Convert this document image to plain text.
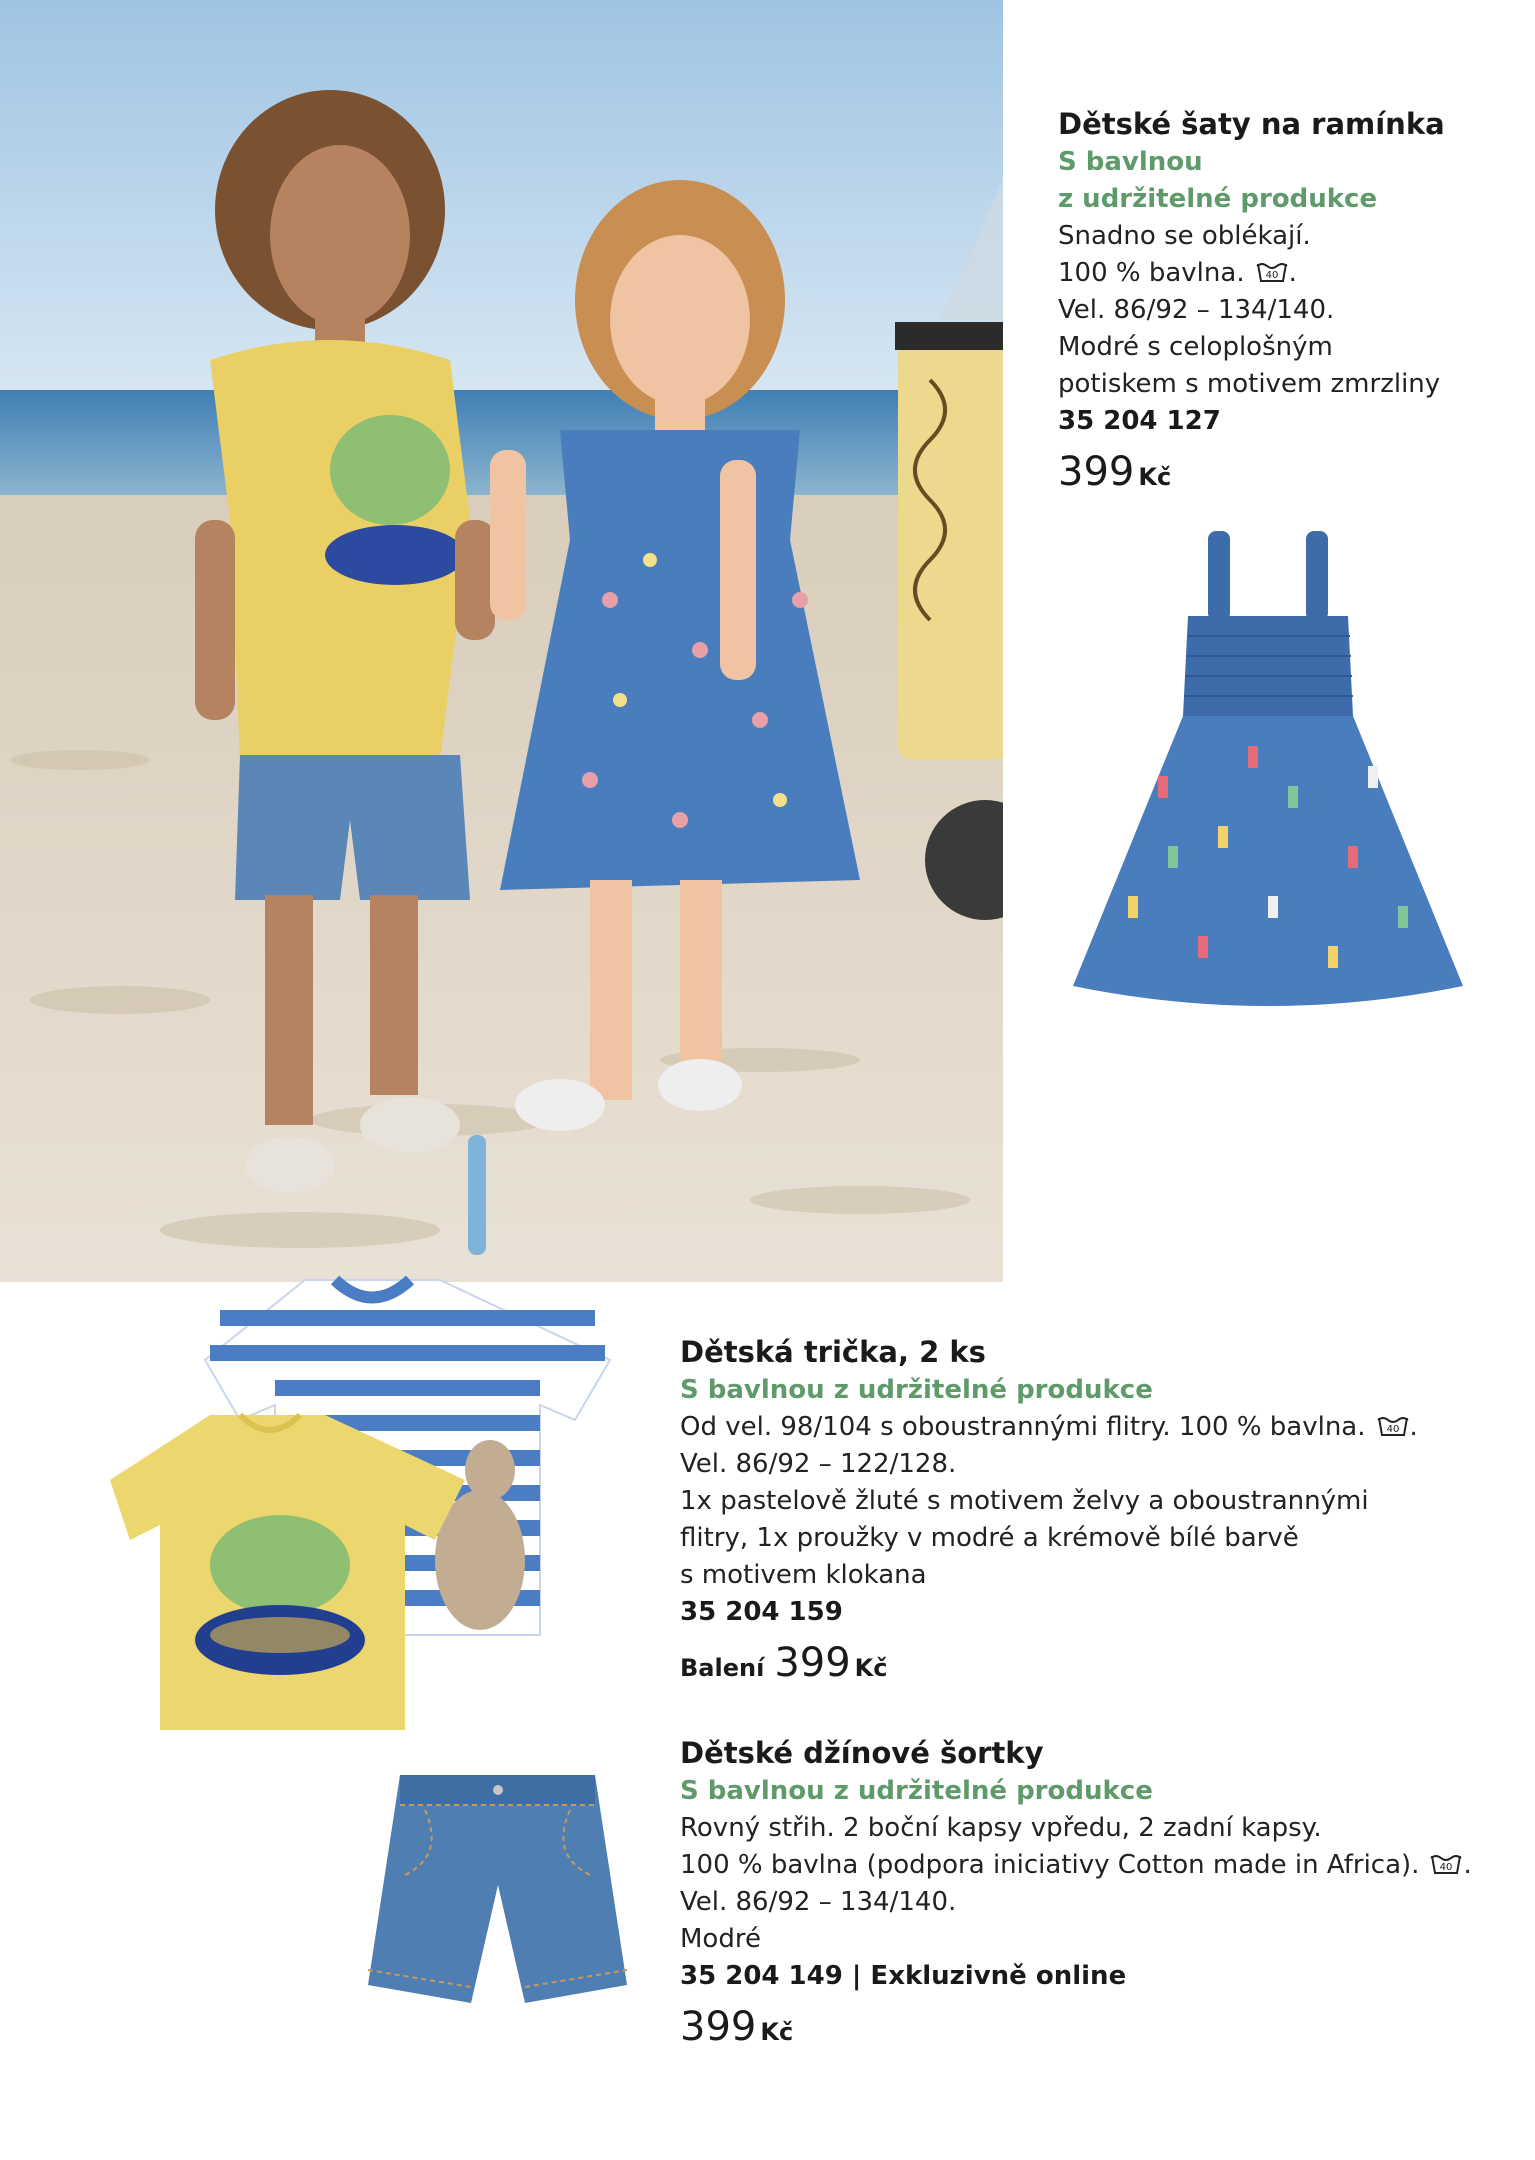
Dětské šaty na ramínka
S bavlnou
z udržitelné produkce
Snadno se oblékají.
100 % bavlna. 40 .
Vel. 86/92 – 134/140.
Modré s celoplošným
potiskem s motivem zmrzliny
35 204 127
399 Kč
Dětská trička, 2 ks
S bavlnou z udržitelné produkce
Od vel. 98/104 s oboustrannými flitry. 100 % bavlna. 40 .
Vel. 86/92 – 122/128.
1x pastelově žluté s motivem želvy a oboustrannými
flitry, 1x proužky v modré a krémově bílé barvě
s motivem klokana
35 204 159
Balení 399 Kč
Dětské džínové šortky
S bavlnou z udržitelné produkce
Rovný střih. 2 boční kapsy vpředu, 2 zadní kapsy.
100 % bavlna (podpora iniciativy Cotton made in Africa). 40 .
Vel. 86/92 – 134/140.
Modré
35 204 149 | Exkluzivně online
399 Kč
